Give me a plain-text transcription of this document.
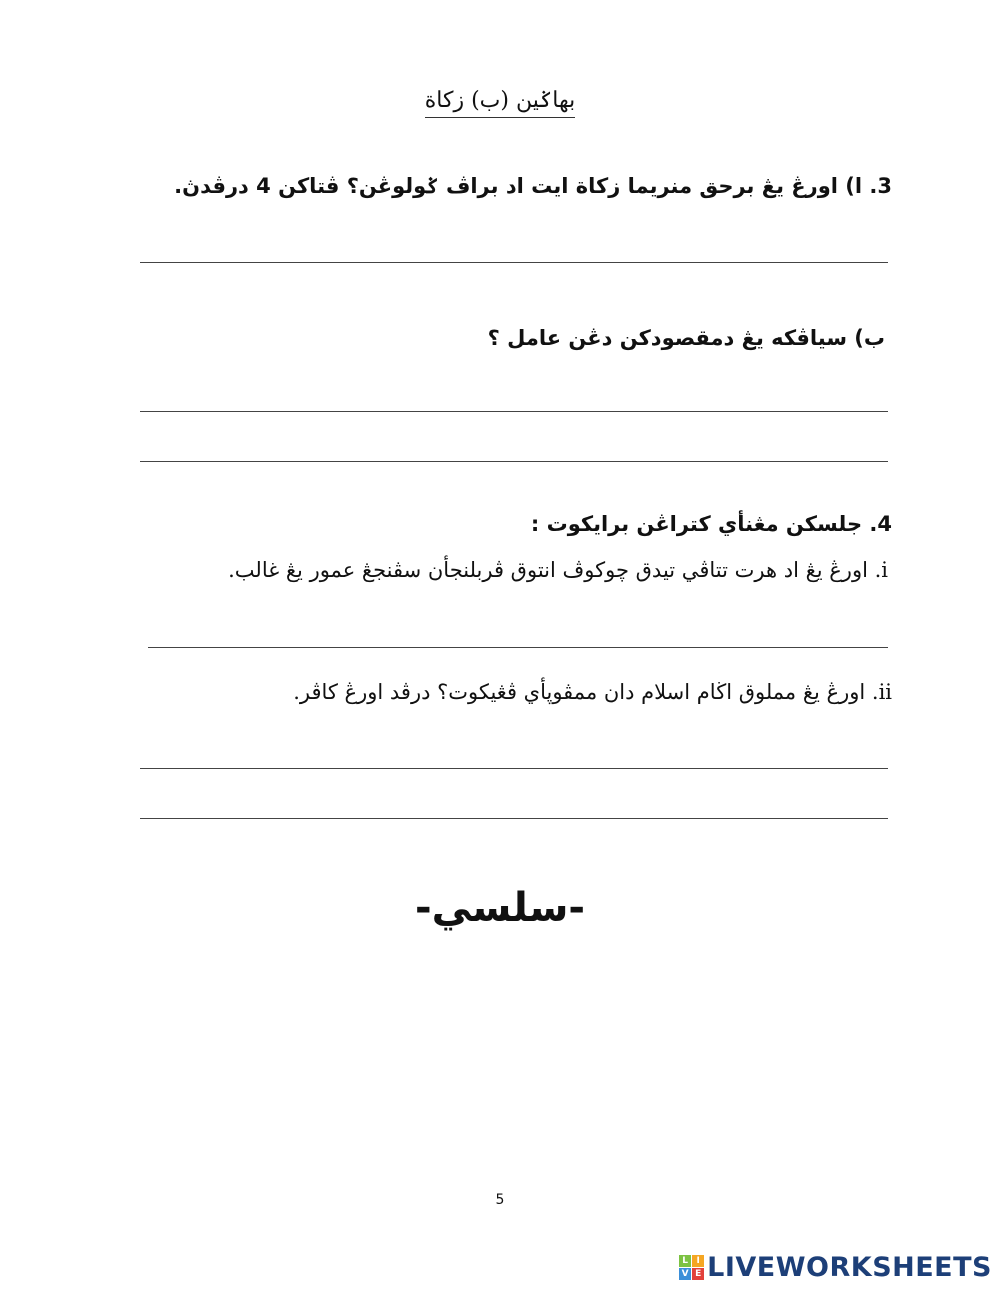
بهاݢين (ب) زكاة
3. ا) اورڠ يڠ برحق منريما زكاة ايت اد براڤ ݢولوڠن؟ ڤتاكن 4 درڤدڽ.
ب) سياڤكه يڠ دمقصودكن دڠن عامل ؟
4. جلسكن مڠنأي كتراڠن برايكوت :
i. اورڠ يڠ اد هرت تتاڤي تيدق چوكوڤ انتوق ڤربلنجأن سڤنجڠ عمور يڠ غالب.
ii. اورڠ يڠ مملوق اڬام اسلام دان ممڤوڽأي ڤڠيكوت؟ درڤد اورڠ كاڤر.
-سلسي-
5
L I
V E LIVEWORKSHEETS
